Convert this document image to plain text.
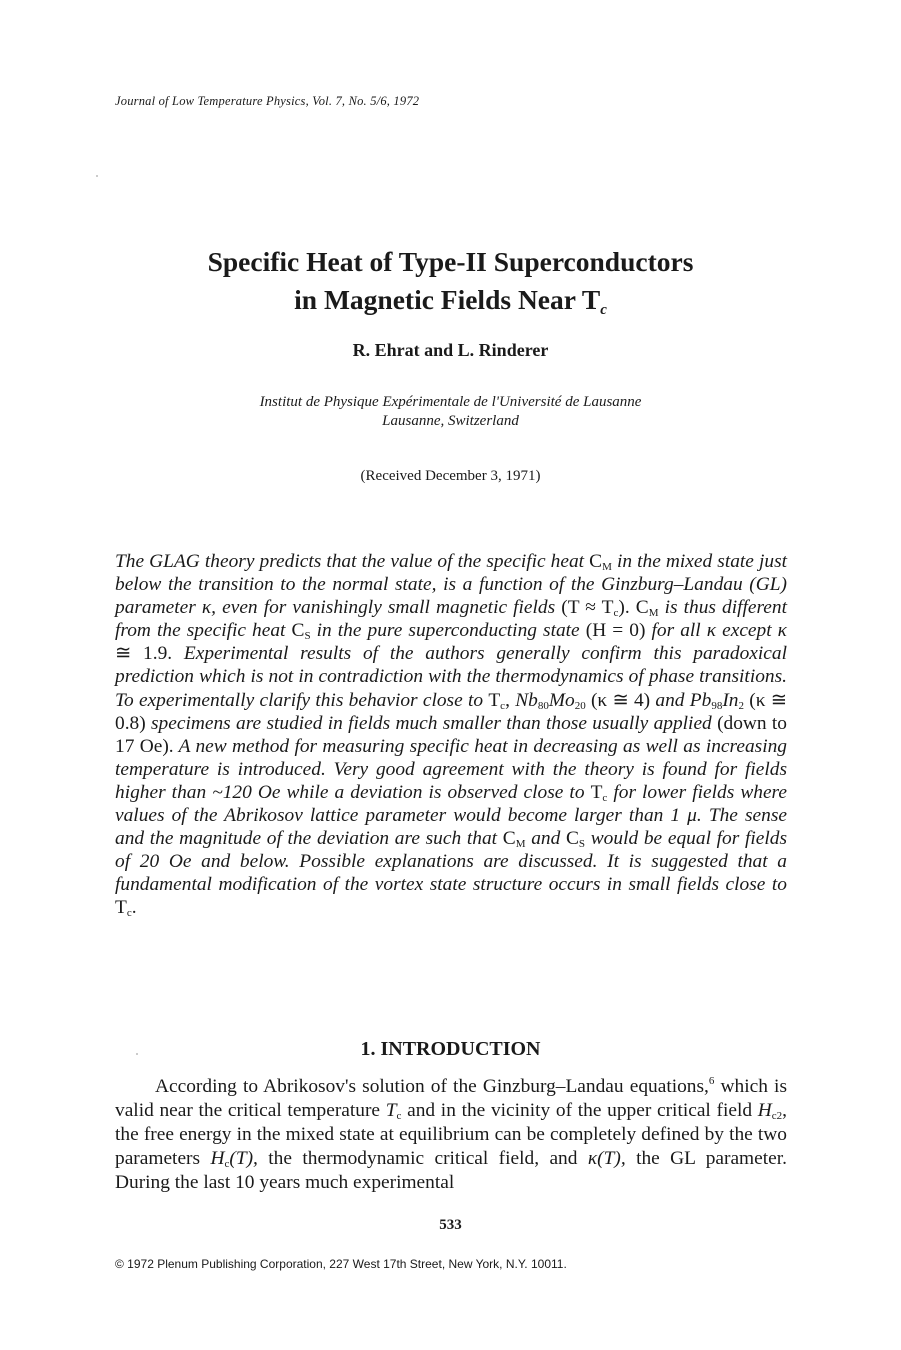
Journal of Low Temperature Physics, Vol. 7, No. 5/6, 1972
Specific Heat of Type-II Superconductors
in Magnetic Fields Near $T_c$
R. Ehrat and L. Rinderer
Institut de Physique Expérimentale de l'Université de Lausanne
Lausanne, Switzerland
(Received December 3, 1971)

The GLAG theory predicts that the value of the specific heat $C_M$ in the mixed state just below the transition to the normal state, is a function of the Ginzburg–Landau (GL) parameter κ, even for vanishingly small magnetic fields $(T \approx T_c)$. $C_M$ is thus different from the specific heat $C_S$ in the pure superconducting state (H = 0) for all κ except κ ≅ 1.9. Experimental results of the authors generally confirm this paradoxical prediction which is not in contradiction with the thermodynamics of phase transitions. To experimentally clarify this behavior close to $T_c$, $Nb_{80}Mo_{20}$ (κ ≅ 4) and $Pb_{98}In_2$ (κ ≅ 0.8) specimens are studied in fields much smaller than those usually applied (down to 17 Oe). A new method for measuring specific heat in decreasing as well as increasing temperature is introduced. Very good agreement with the theory is found for fields higher than ~120 Oe while a deviation is observed close to $T_c$ for lower fields where values of the Abrikosov lattice parameter would become larger than 1 μ. The sense and the magnitude of the deviation are such that $C_M$ and $C_S$ would be equal for fields of 20 Oe and below. Possible explanations are discussed. It is suggested that a fundamental modification of the vortex state structure occurs in small fields close to $T_c$.

1. INTRODUCTION

According to Abrikosov's solution of the Ginzburg–Landau equations,$^6$ which is valid near the critical temperature $T_c$ and in the vicinity of the upper critical field $H_{c2}$, the free energy in the mixed state at equilibrium can be completely defined by the two parameters $H_c(T)$, the thermodynamic critical field, and κ(T), the GL parameter. During the last 10 years much experimental

533
© 1972 Plenum Publishing Corporation, 227 West 17th Street, New York, N.Y. 10011.
